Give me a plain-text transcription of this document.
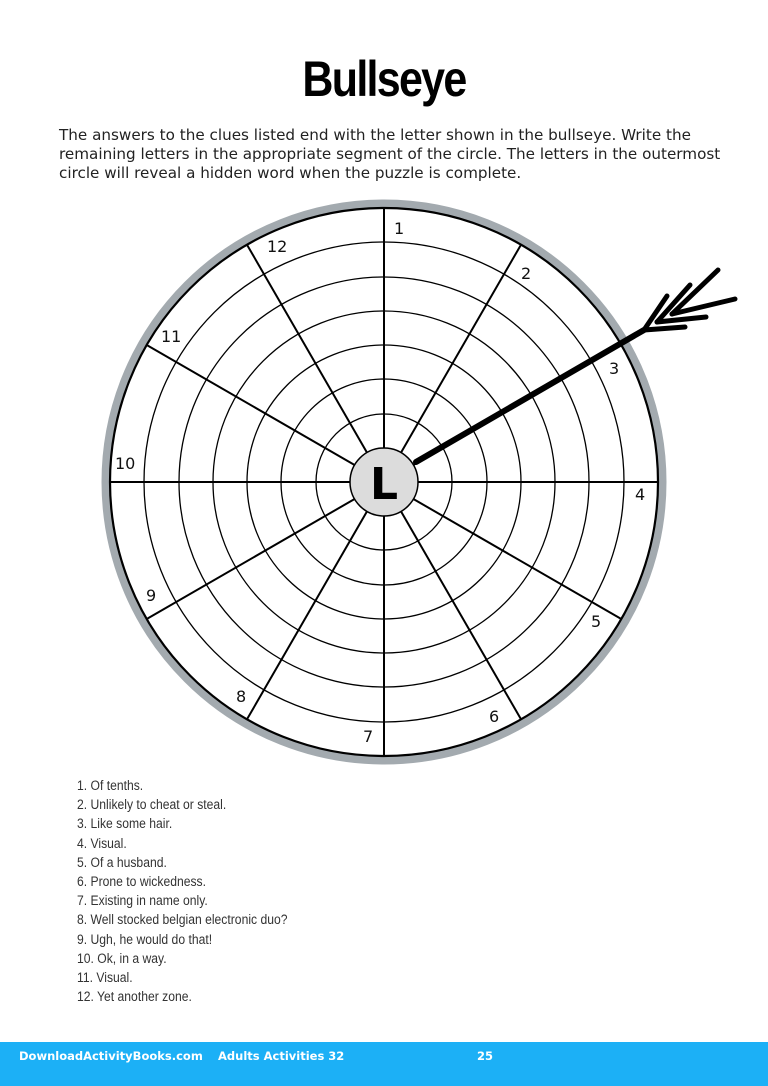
Bullseye
The answers to the clues listed end with the letter shown in the bullseye. Write the remaining letters in the appropriate segment of the circle. The letters in the outermost circle will reveal a hidden word when the puzzle is complete.
L
1
2
3
4
5
6
7
8
9
10
11
12
1. Of tenths.
2. Unlikely to cheat or steal.
3. Like some hair.
4. Visual.
5. Of a husband.
6. Prone to wickedness.
7. Existing in name only.
8. Well stocked belgian electronic duo?
9. Ugh, he would do that!
10. Ok, in a way.
11. Visual.
12. Yet another zone.
DownloadActivityBooks.com Adults Activities 32	25
